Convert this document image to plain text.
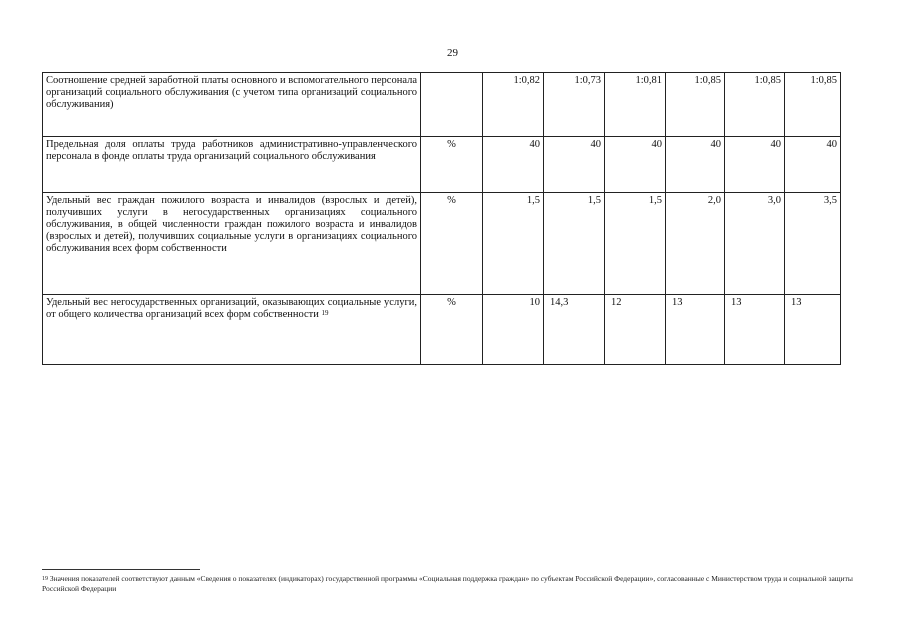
29
Соотношение средней заработной платы основного и вспомогательного персонала организаций социального обслуживания (с учетом типа организаций социального обслуживания)		1:0,82	1:0,73	1:0,81	1:0,85	1:0,85	1:0,85
Предельная доля оплаты труда работников административно-управленческого персонала в фонде оплаты труда организаций социального обслуживания	%	40	40	40	40	40	40
Удельный вес граждан пожилого возраста и инвалидов (взрослых и детей), получивших услуги в негосударственных организациях социального обслуживания, в общей численности граждан пожилого возраста и инвалидов (взрослых и детей), получивших социальные услуги в организациях социального обслуживания всех форм собственности	%	1,5	1,5	1,5	2,0	3,0	3,5
Удельный вес негосударственных организаций, оказывающих социальные услуги, от общего количества организаций всех форм собственности $^{19}$	%	10	14,3	12	13	13	13
$^{19}$ Значения показателей соответствуют данным «Сведения о показателях (индикаторах) государственной программы «Социальная поддержка граждан» по субъектам Российской Федерации», согласованные с Министерством труда и социальной защиты Российской Федерации
